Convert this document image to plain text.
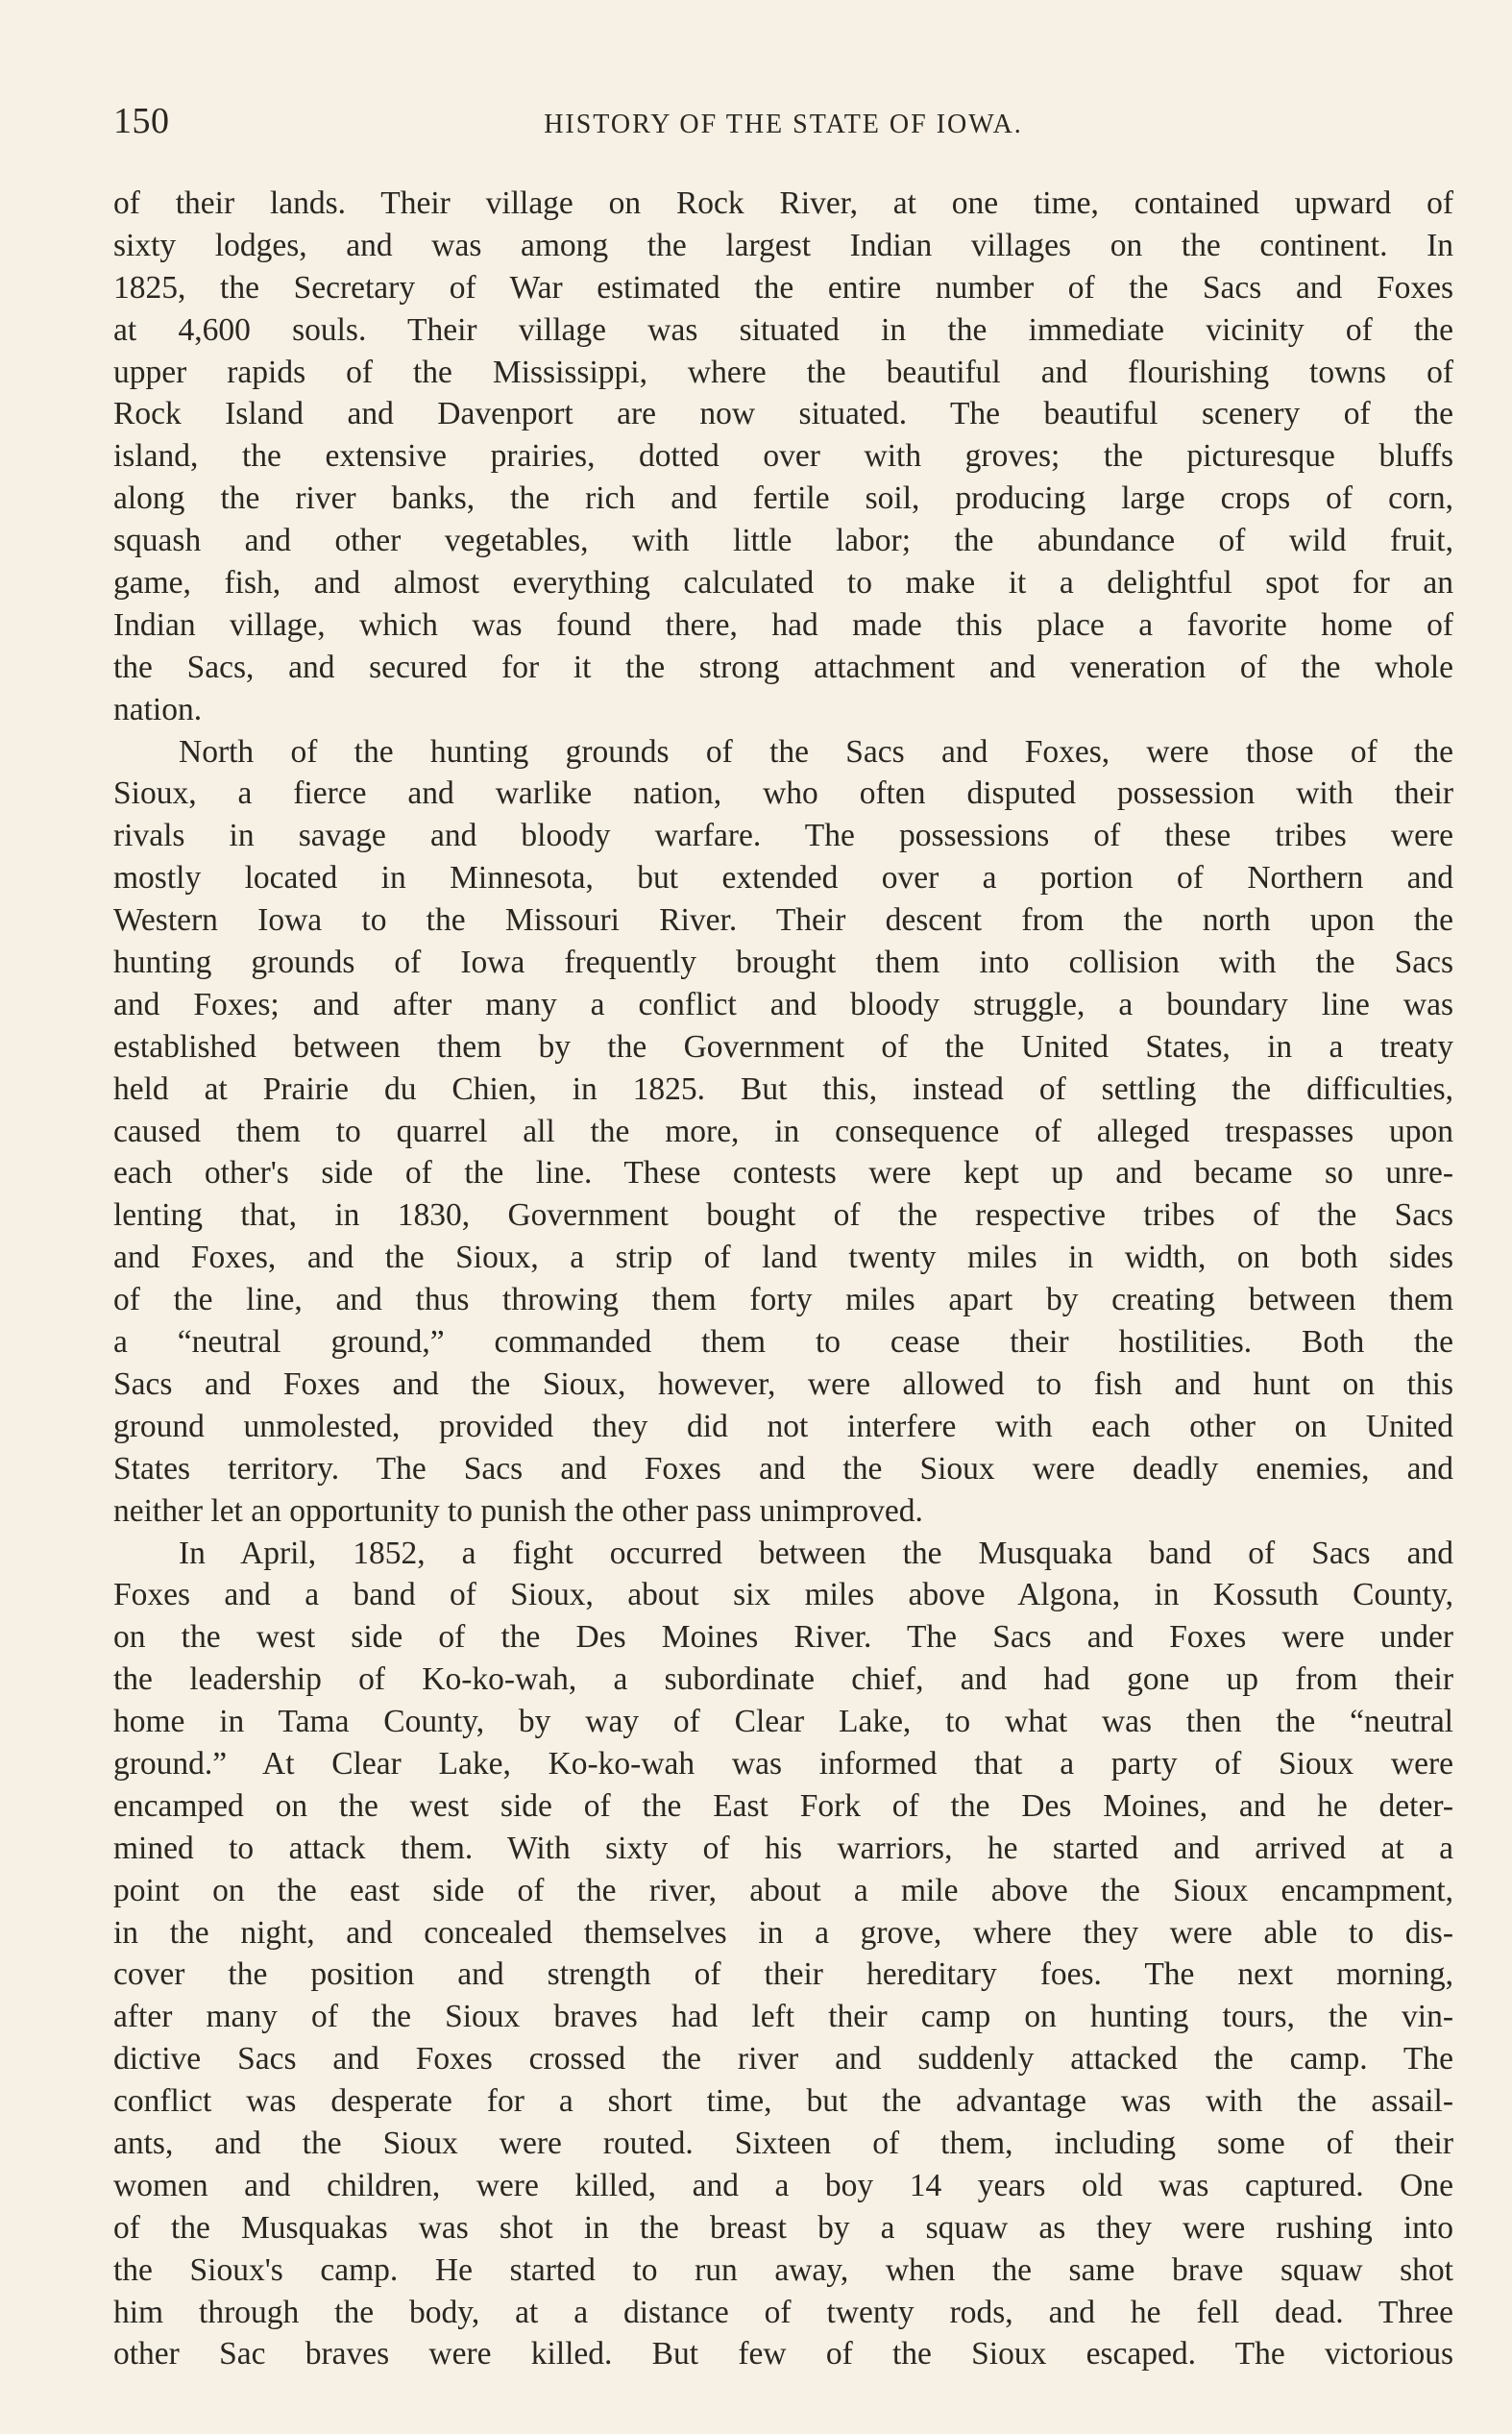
150	HISTORY OF THE STATE OF IOWA.
of their lands. Their village on Rock River, at one time, contained upward of
sixty lodges, and was among the largest Indian villages on the continent. In
1825, the Secretary of War estimated the entire number of the Sacs and Foxes
at 4,600 souls. Their village was situated in the immediate vicinity of the
upper rapids of the Mississippi, where the beautiful and flourishing towns of
Rock Island and Davenport are now situated. The beautiful scenery of the
island, the extensive prairies, dotted over with groves; the picturesque bluffs
along the river banks, the rich and fertile soil, producing large crops of corn,
squash and other vegetables, with little labor; the abundance of wild fruit,
game, fish, and almost everything calculated to make it a delightful spot for an
Indian village, which was found there, had made this place a favorite home of
the Sacs, and secured for it the strong attachment and veneration of the whole
nation.
North of the hunting grounds of the Sacs and Foxes, were those of the
Sioux, a fierce and warlike nation, who often disputed possession with their
rivals in savage and bloody warfare. The possessions of these tribes were
mostly located in Minnesota, but extended over a portion of Northern and
Western Iowa to the Missouri River. Their descent from the north upon the
hunting grounds of Iowa frequently brought them into collision with the Sacs
and Foxes; and after many a conflict and bloody struggle, a boundary line was
established between them by the Government of the United States, in a treaty
held at Prairie du Chien, in 1825. But this, instead of settling the difficulties,
caused them to quarrel all the more, in consequence of alleged trespasses upon
each other's side of the line. These contests were kept up and became so unre-
lenting that, in 1830, Government bought of the respective tribes of the Sacs
and Foxes, and the Sioux, a strip of land twenty miles in width, on both sides
of the line, and thus throwing them forty miles apart by creating between them
a “neutral ground,” commanded them to cease their hostilities. Both the
Sacs and Foxes and the Sioux, however, were allowed to fish and hunt on this
ground unmolested, provided they did not interfere with each other on United
States territory. The Sacs and Foxes and the Sioux were deadly enemies, and
neither let an opportunity to punish the other pass unimproved.
In April, 1852, a fight occurred between the Musquaka band of Sacs and
Foxes and a band of Sioux, about six miles above Algona, in Kossuth County,
on the west side of the Des Moines River. The Sacs and Foxes were under
the leadership of Ko-ko-wah, a subordinate chief, and had gone up from their
home in Tama County, by way of Clear Lake, to what was then the “neutral
ground.” At Clear Lake, Ko-ko-wah was informed that a party of Sioux were
encamped on the west side of the East Fork of the Des Moines, and he deter-
mined to attack them. With sixty of his warriors, he started and arrived at a
point on the east side of the river, about a mile above the Sioux encampment,
in the night, and concealed themselves in a grove, where they were able to dis-
cover the position and strength of their hereditary foes. The next morning,
after many of the Sioux braves had left their camp on hunting tours, the vin-
dictive Sacs and Foxes crossed the river and suddenly attacked the camp. The
conflict was desperate for a short time, but the advantage was with the assail-
ants, and the Sioux were routed. Sixteen of them, including some of their
women and children, were killed, and a boy 14 years old was captured. One
of the Musquakas was shot in the breast by a squaw as they were rushing into
the Sioux's camp. He started to run away, when the same brave squaw shot
him through the body, at a distance of twenty rods, and he fell dead. Three
other Sac braves were killed. But few of the Sioux escaped. The victorious
